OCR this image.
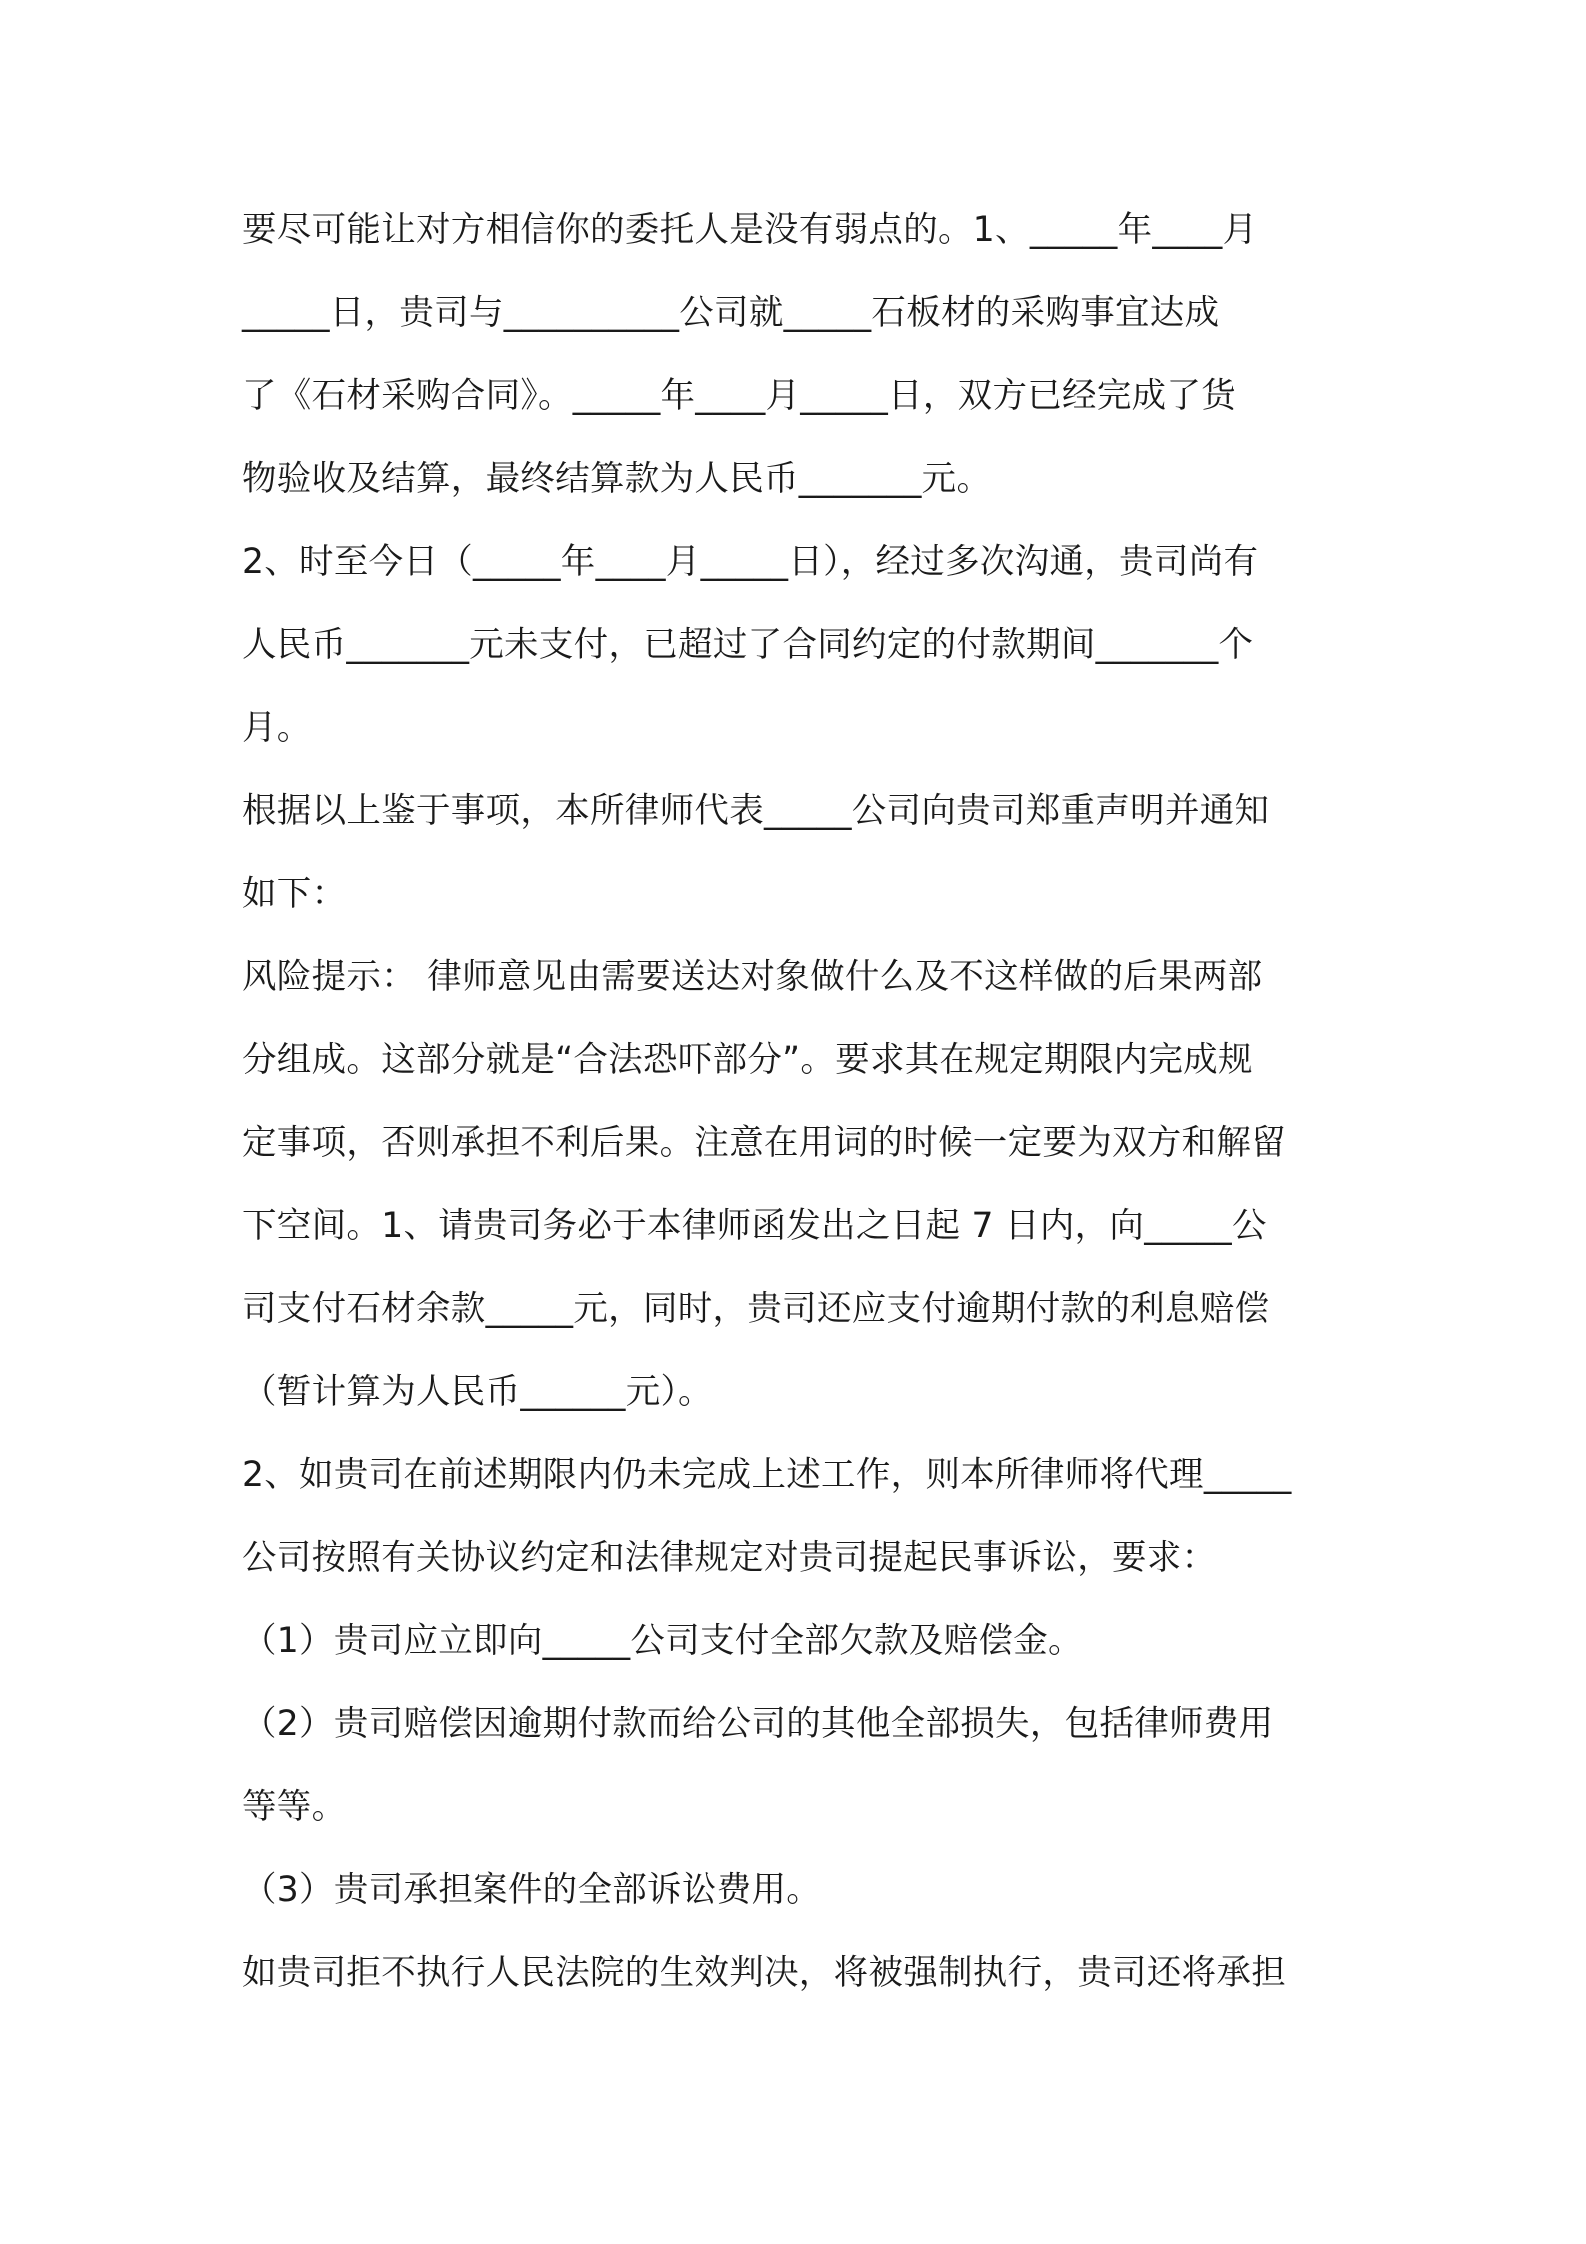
要尽可能让对方相信你的委托人是没有弱点的。1、_____年____月
_____日，贵司与__________公司就_____石板材的采购事宜达成
了《石材采购合同》。_____年____月_____日，双方已经完成了货
物验收及结算，最终结算款为人民币_______元。
2、时至今日（_____年____月_____日），经过多次沟通，贵司尚有
人民币_______元未支付，已超过了合同约定的付款期间_______个
月。
根据以上鉴于事项，本所律师代表_____公司向贵司郑重声明并通知
如下：
风险提示： 律师意见由需要送达对象做什么及不这样做的后果两部
分组成。这部分就是“合法恐吓部分”。要求其在规定期限内完成规
定事项，否则承担不利后果。注意在用词的时候一定要为双方和解留
下空间。1、请贵司务必于本律师函发出之日起 7 日内，向_____公
司支付石材余款_____元，同时，贵司还应支付逾期付款的利息赔偿
（暂计算为人民币______元）。
2、如贵司在前述期限内仍未完成上述工作，则本所律师将代理_____
公司按照有关协议约定和法律规定对贵司提起民事诉讼，要求：
（1）贵司应立即向_____公司支付全部欠款及赔偿金。
（2）贵司赔偿因逾期付款而给公司的其他全部损失，包括律师费用
等等。
（3）贵司承担案件的全部诉讼费用。
如贵司拒不执行人民法院的生效判决，将被强制执行，贵司还将承担
